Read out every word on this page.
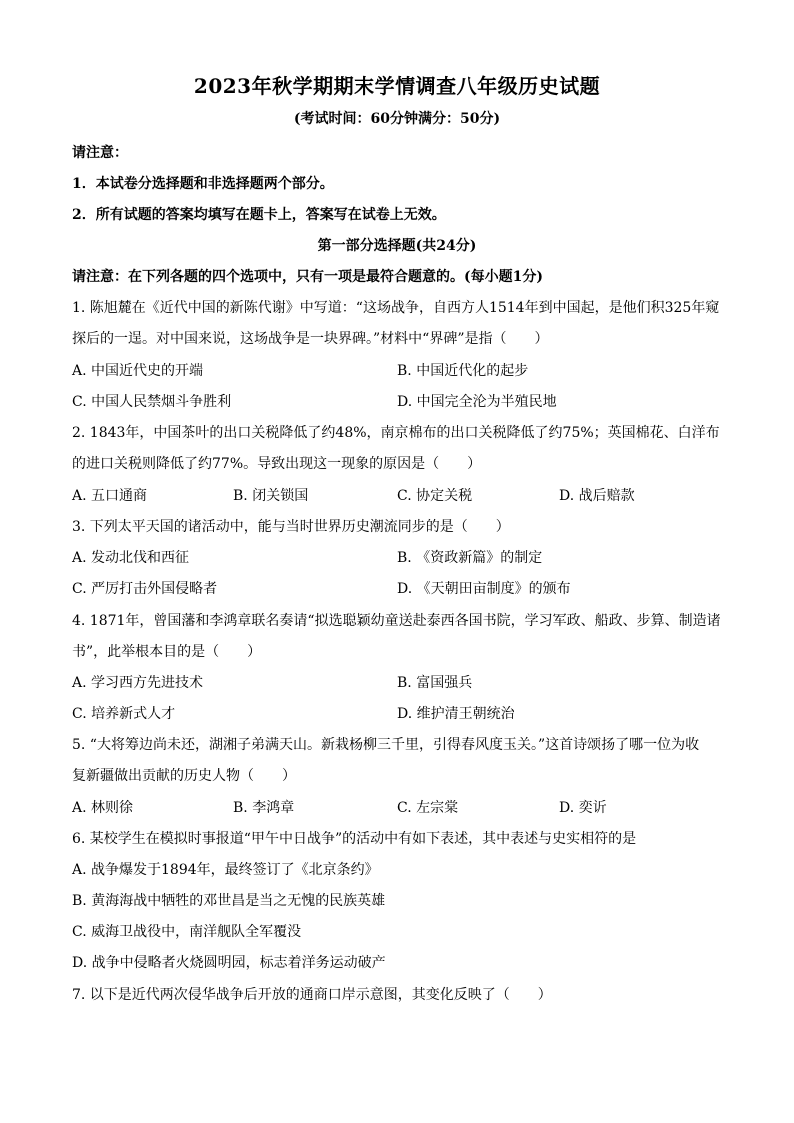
2023年秋学期期末学情调查八年级历史试题
(考试时间：60分钟满分：50分)
请注意：
1．本试卷分选择题和非选择题两个部分。
2．所有试题的答案均填写在题卡上，答案写在试卷上无效。
第一部分选择题(共24分)
请注意：在下列各题的四个选项中，只有一项是最符合题意的。(每小题1分)
1. 陈旭麓在《近代中国的新陈代谢》中写道：“这场战争，自西方人1514年到中国起，是他们积325年窥
探后的一逞。对中国来说，这场战争是一块界碑。”材料中“界碑”是指（　　）
A. 中国近代史的开端	B. 中国近代化的起步
C. 中国人民禁烟斗争胜利	D. 中国完全沦为半殖民地
2. 1843年，中国茶叶的出口关税降低了约48%，南京棉布的出口关税降低了约75%；英国棉花、白洋布
的进口关税则降低了约77%。导致出现这一现象的原因是（　　）
A. 五口通商	B. 闭关锁国	C. 协定关税	D. 战后赔款
3. 下列太平天国的诸活动中，能与当时世界历史潮流同步的是（　　）
A. 发动北伐和西征	B. 《资政新篇》的制定
C. 严厉打击外国侵略者	D. 《天朝田亩制度》的颁布
4. 1871年，曾国藩和李鸿章联名奏请“拟选聪颖幼童送赴泰西各国书院，学习军政、船政、步算、制造诸
书”，此举根本目的是（　　）
A. 学习西方先进技术	B. 富国强兵
C. 培养新式人才	D. 维护清王朝统治
5. “大将筹边尚未还，湖湘子弟满天山。新栽杨柳三千里，引得春风度玉关。”这首诗颂扬了哪一位为收
复新疆做出贡献的历史人物（　　）
A. 林则徐	B. 李鸿章	C. 左宗棠	D. 奕䜣
6. 某校学生在模拟时事报道“甲午中日战争”的活动中有如下表述，其中表述与史实相符的是
A. 战争爆发于1894年，最终签订了《北京条约》
B. 黄海海战中牺牲的邓世昌是当之无愧的民族英雄
C. 威海卫战役中，南洋舰队全军覆没
D. 战争中侵略者火烧圆明园，标志着洋务运动破产
7. 以下是近代两次侵华战争后开放的通商口岸示意图，其变化反映了（　　）
